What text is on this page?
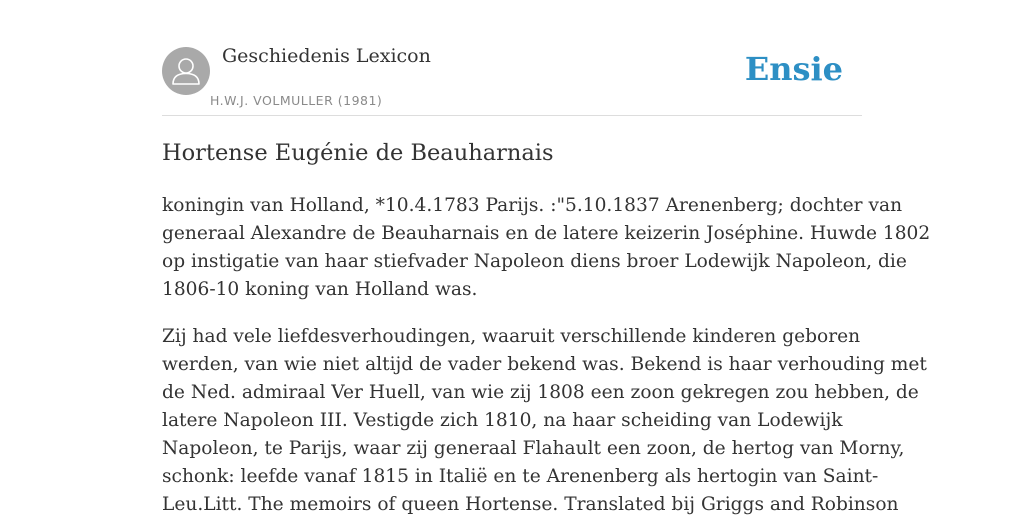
Geschiedenis Lexicon
H.W.J. VOLMULLER (1981)
Ensie
Hortense Eugénie de Beauharnais

koningin van Holland, *10.4.1783 Parijs. :"5.10.1837 Arenenberg; dochter van
generaal Alexandre de Beauharnais en de latere keizerin Joséphine. Huwde 1802
op instigatie van haar stiefvader Napoleon diens broer Lodewijk Napoleon, die
1806-10 koning van Holland was.

Zij had vele liefdesverhoudingen, waaruit verschillende kinderen geboren
werden, van wie niet altijd de vader bekend was. Bekend is haar verhouding met
de Ned. admiraal Ver Huell, van wie zij 1808 een zoon gekregen zou hebben, de
latere Napoleon III. Vestigde zich 1810, na haar scheiding van Lodewijk
Napoleon, te Parijs, waar zij generaal Flahault een zoon, de hertog van Morny,
schonk: leefde vanaf 1815 in Italië en te Arenenberg als hertogin van Saint-
Leu.Litt. The memoirs of queen Hortense. Translated bij Griggs and Robinson
